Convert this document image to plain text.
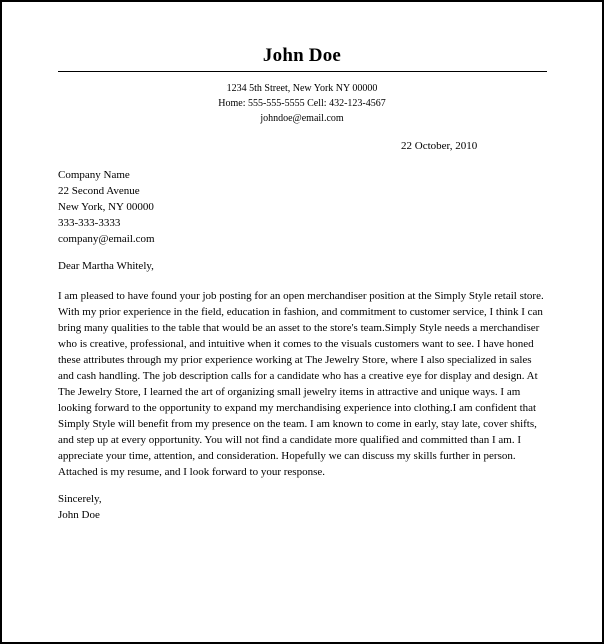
John Doe
1234 5th Street, New York NY 00000
Home: 555-555-5555 Cell: 432-123-4567
johndoe@email.com
22 October, 2010
Company Name
22 Second Avenue
New York, NY 00000
333-333-3333
company@email.com
Dear Martha Whitely,
I am pleased to have found your job posting for an open merchandiser position at the Simply Style retail store.
With my prior experience in the field, education in fashion, and commitment to customer service, I think I can
bring many qualities to the table that would be an asset to the store's team.Simply Style needs a merchandiser
who is creative, professional, and intuitive when it comes to the visuals customers want to see. I have honed
these attributes through my prior experience working at The Jewelry Store, where I also specialized in sales
and cash handling. The job description calls for a candidate who has a creative eye for display and design. At
The Jewelry Store, I learned the art of organizing small jewelry items in attractive and unique ways. I am
looking forward to the opportunity to expand my merchandising experience into clothing.I am confident that
Simply Style will benefit from my presence on the team. I am known to come in early, stay late, cover shifts,
and step up at every opportunity. You will not find a candidate more qualified and committed than I am. I
appreciate your time, attention, and consideration. Hopefully we can discuss my skills further in person.
Attached is my resume, and I look forward to your response.
Sincerely,
John Doe
